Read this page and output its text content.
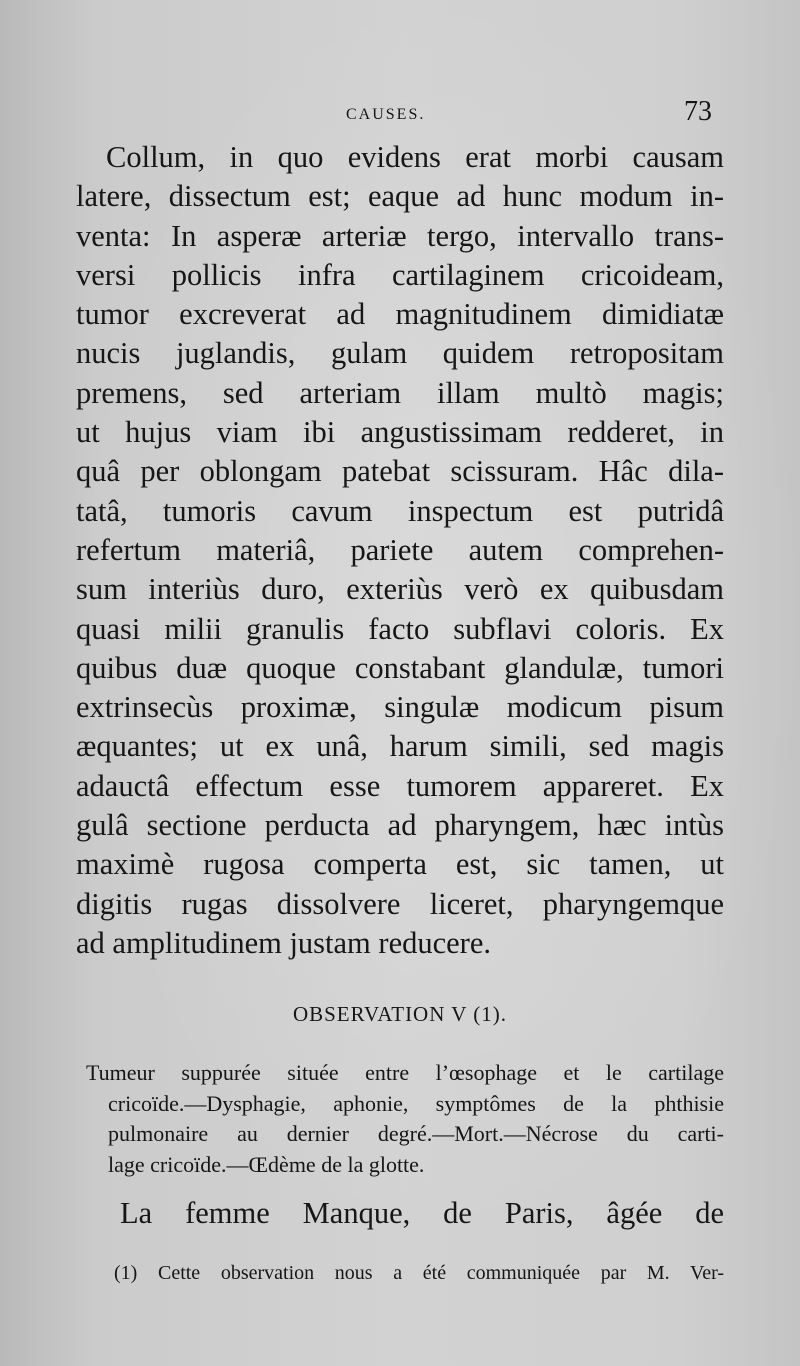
CAUSES.	73
Collum, in quo evidens erat morbi causam
latere, dissectum est; eaque ad hunc modum in-
venta: In asperæ arteriæ tergo, intervallo trans-
versi pollicis infra cartilaginem cricoideam,
tumor excreverat ad magnitudinem dimidiatæ
nucis juglandis, gulam quidem retropositam
premens, sed arteriam illam multò magis;
ut hujus viam ibi angustissimam redderet, in
quâ per oblongam patebat scissuram. Hâc dila-
tatâ, tumoris cavum inspectum est putridâ
refertum materiâ, pariete autem comprehen-
sum interiùs duro, exteriùs verò ex quibusdam
quasi milii granulis facto subflavi coloris. Ex
quibus duæ quoque constabant glandulæ, tumori
extrinsecùs proximæ, singulæ modicum pisum
æquantes; ut ex unâ, harum simili, sed magis
adauctâ effectum esse tumorem appareret. Ex
gulâ sectione perducta ad pharyngem, hæc intùs
maximè rugosa comperta est, sic tamen, ut
digitis rugas dissolvere liceret, pharyngemque
ad amplitudinem justam reducere.
OBSERVATION V (1).
Tumeur suppurée située entre l’œsophage et le cartilage
cricoïde.—Dysphagie, aphonie, symptômes de la phthisie
pulmonaire au dernier degré.—Mort.—Nécrose du carti-
lage cricoïde.—Œdème de la glotte.
La femme Manque, de Paris, âgée de
(1) Cette observation nous a été communiquée par M. Ver-
